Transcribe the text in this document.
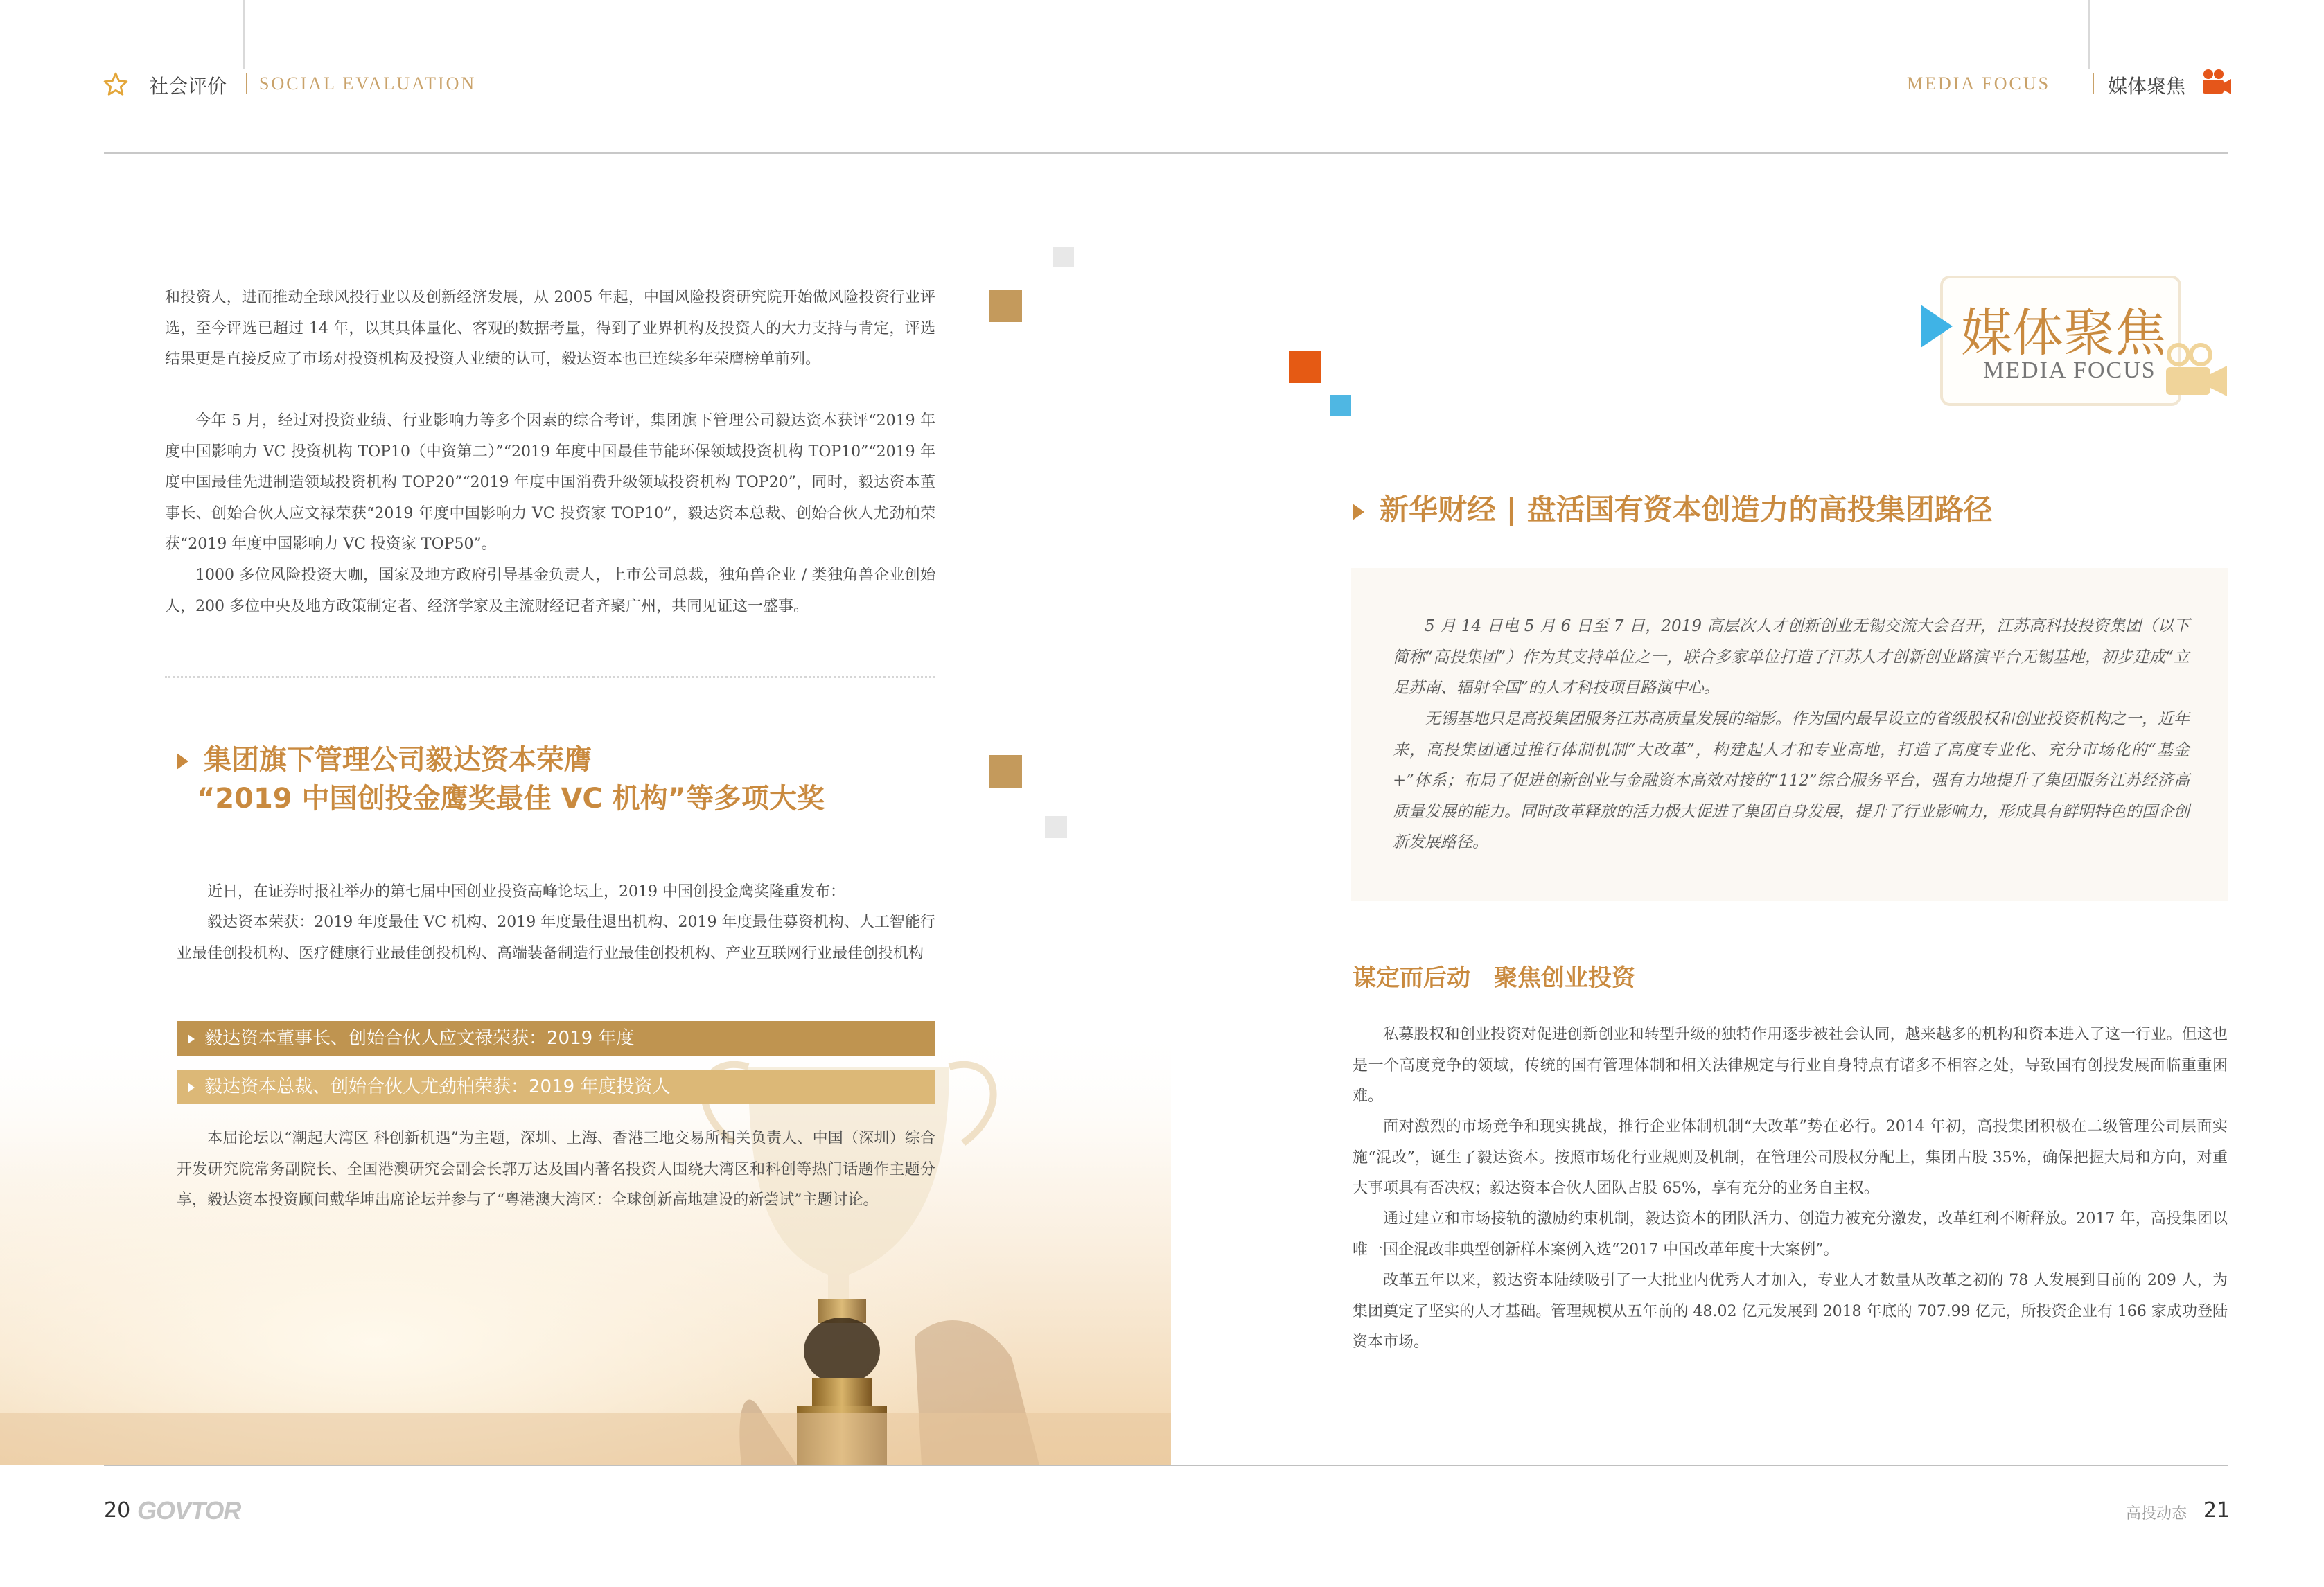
社会评价 SOCIAL EVALUATION	MEDIA FOCUS	媒体聚焦

和投资人，进而推动全球风投行业以及创新经济发展，从 2005 年起，中国风险投资研究院开始做风险投资行业评选，至今评选已超过 14 年，以其具体量化、客观的数据考量，得到了业界机构及投资人的大力支持与肯定，评选结果更是直接反应了市场对投资机构及投资人业绩的认可，毅达资本也已连续多年荣膺榜单前列。

今年 5 月，经过对投资业绩、行业影响力等多个因素的综合考评，集团旗下管理公司毅达资本获评“2019 年度中国影响力 VC 投资机构 TOP10（中资第二）”“2019 年度中国最佳节能环保领域投资机构 TOP10”“2019 年度中国最佳先进制造领域投资机构 TOP20”“2019 年度中国消费升级领域投资机构 TOP20”，同时，毅达资本董事长、创始合伙人应文禄荣获“2019 年度中国影响力 VC 投资家 TOP10”，毅达资本总裁、创始合伙人尤劲柏荣获“2019 年度中国影响力 VC 投资家 TOP50”。

1000 多位风险投资大咖，国家及地方政府引导基金负责人，上市公司总裁，独角兽企业 / 类独角兽企业创始人，200 多位中央及地方政策制定者、经济学家及主流财经记者齐聚广州，共同见证这一盛事。

集团旗下管理公司毅达资本荣膺
“2019 中国创投金鹰奖最佳 VC 机构”等多项大奖

近日，在证券时报社举办的第七届中国创业投资高峰论坛上，2019 中国创投金鹰奖隆重发布：

毅达资本荣获：2019 年度最佳 VC 机构、2019 年度最佳退出机构、2019 年度最佳募资机构、人工智能行业最佳创投机构、医疗健康行业最佳创投机构、高端装备制造行业最佳创投机构、产业互联网行业最佳创投机构

毅达资本董事长、创始合伙人应文禄荣获：2019 年度
毅达资本总裁、创始合伙人尤劲柏荣获：2019 年度投资人

本届论坛以“潮起大湾区 科创新机遇”为主题，深圳、上海、香港三地交易所相关负责人、中国（深圳）综合开发研究院常务副院长、全国港澳研究会副会长郭万达及国内著名投资人围绕大湾区和科创等热门话题作主题分享，毅达资本投资顾问戴华坤出席论坛并参与了“粤港澳大湾区：全球创新高地建设的新尝试”主题讨论。

媒体聚焦
MEDIA FOCUS
新华财经 | 盘活国有资本创造力的高投集团路径

5 月 14 日电 5 月 6 日至 7 日，2019 高层次人才创新创业无锡交流大会召开，江苏高科技投资集团（以下简称“高投集团”）作为其支持单位之一，联合多家单位打造了江苏人才创新创业路演平台无锡基地，初步建成“立足苏南、辐射全国”的人才科技项目路演中心。

无锡基地只是高投集团服务江苏高质量发展的缩影。作为国内最早设立的省级股权和创业投资机构之一，近年来，高投集团通过推行体制机制“大改革”，构建起人才和专业高地，打造了高度专业化、充分市场化的“基金 +”体系；布局了促进创新创业与金融资本高效对接的“112”综合服务平台，强有力地提升了集团服务江苏经济高质量发展的能力。同时改革释放的活力极大促进了集团自身发展，提升了行业影响力，形成具有鲜明特色的国企创新发展路径。

谋定而后动　聚焦创业投资

私募股权和创业投资对促进创新创业和转型升级的独特作用逐步被社会认同，越来越多的机构和资本进入了这一行业。但这也是一个高度竞争的领域，传统的国有管理体制和相关法律规定与行业自身特点有诸多不相容之处，导致国有创投发展面临重重困难。

面对激烈的市场竞争和现实挑战，推行企业体制机制“大改革”势在必行。2014 年初，高投集团积极在二级管理公司层面实施“混改”，诞生了毅达资本。按照市场化行业规则及机制，在管理公司股权分配上，集团占股 35%，确保把握大局和方向，对重大事项具有否决权；毅达资本合伙人团队占股 65%，享有充分的业务自主权。

通过建立和市场接轨的激励约束机制，毅达资本的团队活力、创造力被充分激发，改革红利不断释放。2017 年，高投集团以唯一国企混改非典型创新样本案例入选“2017 中国改革年度十大案例”。

改革五年以来，毅达资本陆续吸引了一大批业内优秀人才加入，专业人才数量从改革之初的 78 人发展到目前的 209 人，为集团奠定了坚实的人才基础。管理规模从五年前的 48.02 亿元发展到 2018 年底的 707.99 亿元，所投资企业有 166 家成功登陆资本市场。

20 GOVTOR	高投动态 21
